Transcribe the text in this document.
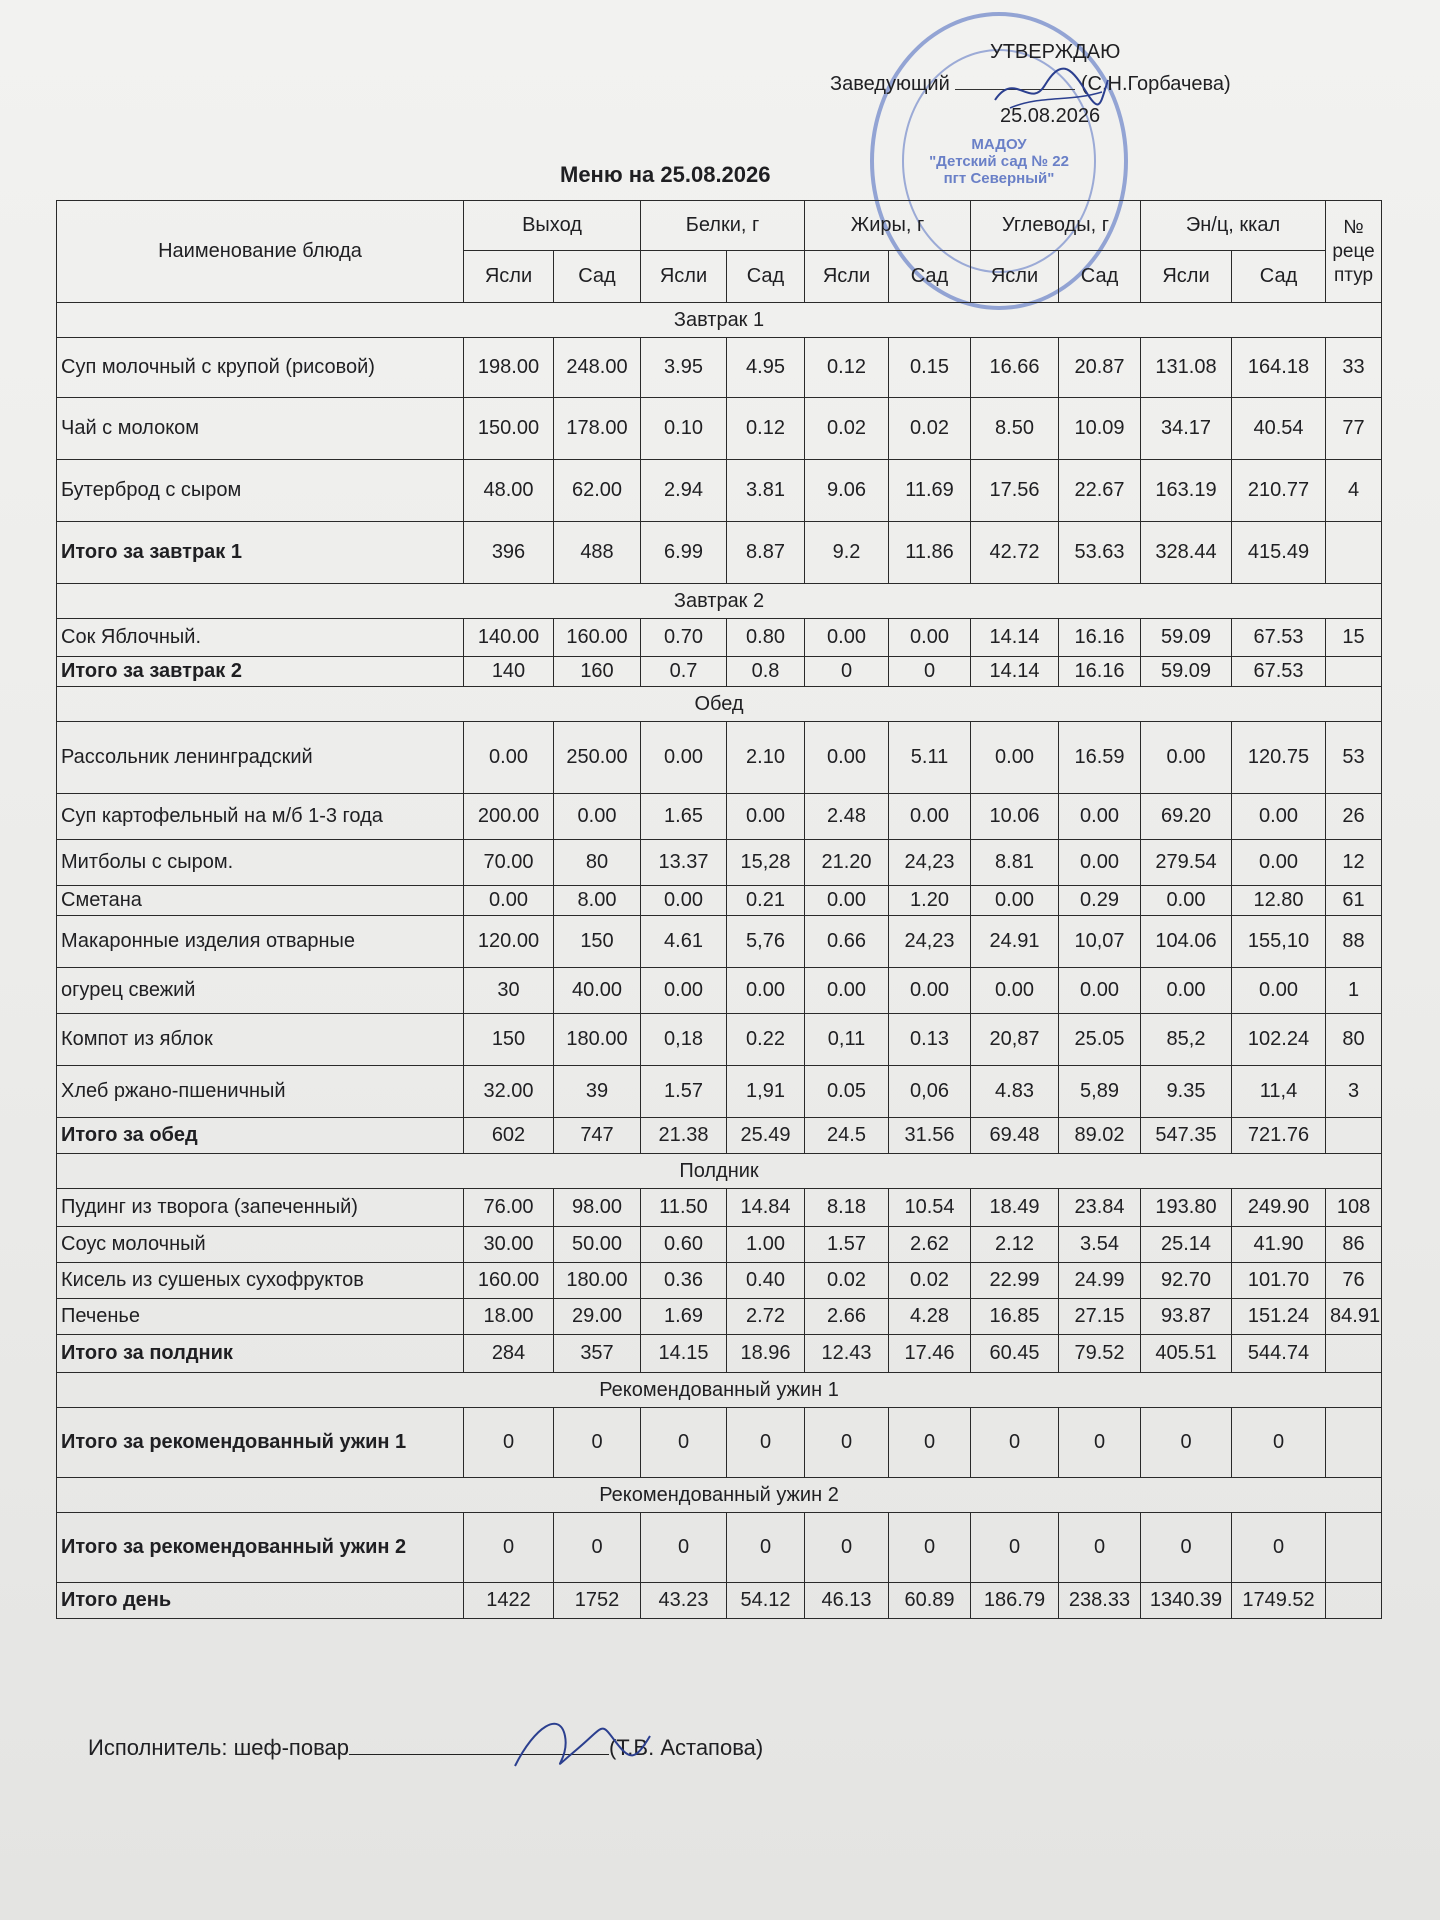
МАДОУ
"Детский сад № 22
пгт Северный"
УТВЕРЖДАЮ
Заведующий	(С.Н.Горбачева)
25.08.2026
Меню на 25.08.2026
Наименование блюда	Выход		Белки, г		Жиры, г		Углеводы, г		Эн/ц, ккал		№ реце птур
	Ясли	Сад	Ясли	Сад	Ясли	Сад	Ясли	Сад	Ясли	Сад	
Завтрак 1											
Суп молочный с крупой (рисовой)	198.00	248.00	3.95	4.95	0.12	0.15	16.66	20.87	131.08	164.18	33
Чай с молоком	150.00	178.00	0.10	0.12	0.02	0.02	8.50	10.09	34.17	40.54	77
Бутерброд с сыром	48.00	62.00	2.94	3.81	9.06	11.69	17.56	22.67	163.19	210.77	4
Итого за завтрак 1	396	488	6.99	8.87	9.2	11.86	42.72	53.63	328.44	415.49	
Завтрак 2											
Сок Яблочный.	140.00	160.00	0.70	0.80	0.00	0.00	14.14	16.16	59.09	67.53	15
Итого за завтрак 2	140	160	0.7	0.8	0	0	14.14	16.16	59.09	67.53	
Обед											
Рассольник ленинградский	0.00	250.00	0.00	2.10	0.00	5.11	0.00	16.59	0.00	120.75	53
Суп картофельный на м/б 1-3 года	200.00	0.00	1.65	0.00	2.48	0.00	10.06	0.00	69.20	0.00	26
Митболы с сыром.	70.00	80	13.37	15,28	21.20	24,23	8.81	0.00	279.54	0.00	12
Сметана	0.00	8.00	0.00	0.21	0.00	1.20	0.00	0.29	0.00	12.80	61
Макаронные изделия отварные	120.00	150	4.61	5,76	0.66	24,23	24.91	10,07	104.06	155,10	88
огурец свежий	30	40.00	0.00	0.00	0.00	0.00	0.00	0.00	0.00	0.00	1
Компот из яблок	150	180.00	0,18	0.22	0,11	0.13	20,87	25.05	85,2	102.24	80
Хлеб ржано-пшеничный	32.00	39	1.57	1,91	0.05	0,06	4.83	5,89	9.35	11,4	3
Итого за обед	602	747	21.38	25.49	24.5	31.56	69.48	89.02	547.35	721.76	
Полдник											
Пудинг из творога (запеченный)	76.00	98.00	11.50	14.84	8.18	10.54	18.49	23.84	193.80	249.90	108
Соус молочный	30.00	50.00	0.60	1.00	1.57	2.62	2.12	3.54	25.14	41.90	86
Кисель из сушеных сухофруктов	160.00	180.00	0.36	0.40	0.02	0.02	22.99	24.99	92.70	101.70	76
Печенье	18.00	29.00	1.69	2.72	2.66	4.28	16.85	27.15	93.87	151.24	84.91
Итого за полдник	284	357	14.15	18.96	12.43	17.46	60.45	79.52	405.51	544.74	
Рекомендованный ужин 1											
Итого за рекомендованный ужин 1	0	0	0	0	0	0	0	0	0	0	
Рекомендованный ужин 2											
Итого за рекомендованный ужин 2	0	0	0	0	0	0	0	0	0	0	
Итого день	1422	1752	43.23	54.12	46.13	60.89	186.79	238.33	1340.39	1749.52	
Исполнитель: шеф-повар	(Т.В. Астапова)
